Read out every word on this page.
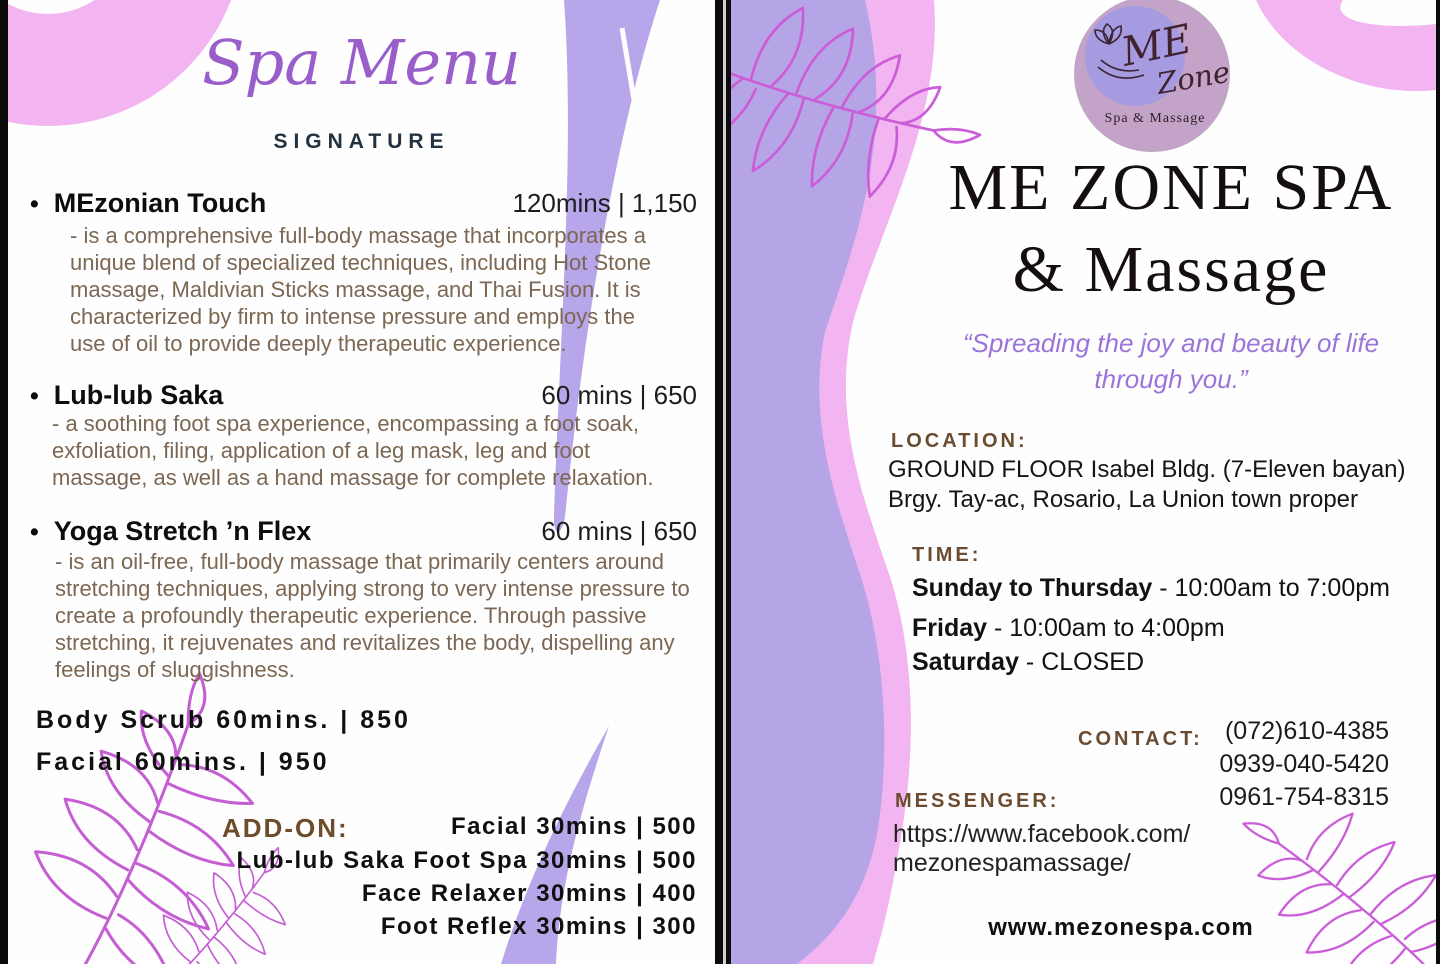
Spa Menu
SIGNATURE
• MEzonian Touch	120mins | 1,150
- is a comprehensive full-body massage that incorporates a
unique blend of specialized techniques, including Hot Stone
massage, Maldivian Sticks massage, and Thai Fusion. It is
characterized by firm to intense pressure and employs the
use of oil to provide deeply therapeutic experience.
• Lub-lub Saka	60 mins | 650
- a soothing foot spa experience, encompassing a foot soak,
exfoliation, filing, application of a leg mask, leg and foot
massage, as well as a hand massage for complete relaxation.
• Yoga Stretch ’n Flex	60 mins | 650
- is an oil-free, full-body massage that primarily centers around
stretching techniques, applying strong to very intense pressure to
create a profoundly therapeutic experience. Through passive
stretching, it rejuvenates and revitalizes the body, dispelling any
feelings of sluggishness.
Body Scrub 60mins. | 850
Facial 60mins. | 950
ADD-ON:	Facial 30mins | 500
Lub-lub Saka Foot Spa 30mins | 500
Face Relaxer 30mins | 400
Foot Reflex 30mins | 300
ME
Zone
Spa & Massage
ME ZONE SPA
& Massage
“Spreading the joy and beauty of life
through you.”
LOCATION:
GROUND FLOOR Isabel Bldg. (7-Eleven bayan)
Brgy. Tay-ac, Rosario, La Union town proper
TIME:
Sunday to Thursday - 10:00am to 7:00pm
Friday - 10:00am to 4:00pm
Saturday - CLOSED
CONTACT: (072)610-4385
0939-040-5420
0961-754-8315
MESSENGER:
https://www.facebook.com/
mezonespamassage/
www.mezonespa.com
